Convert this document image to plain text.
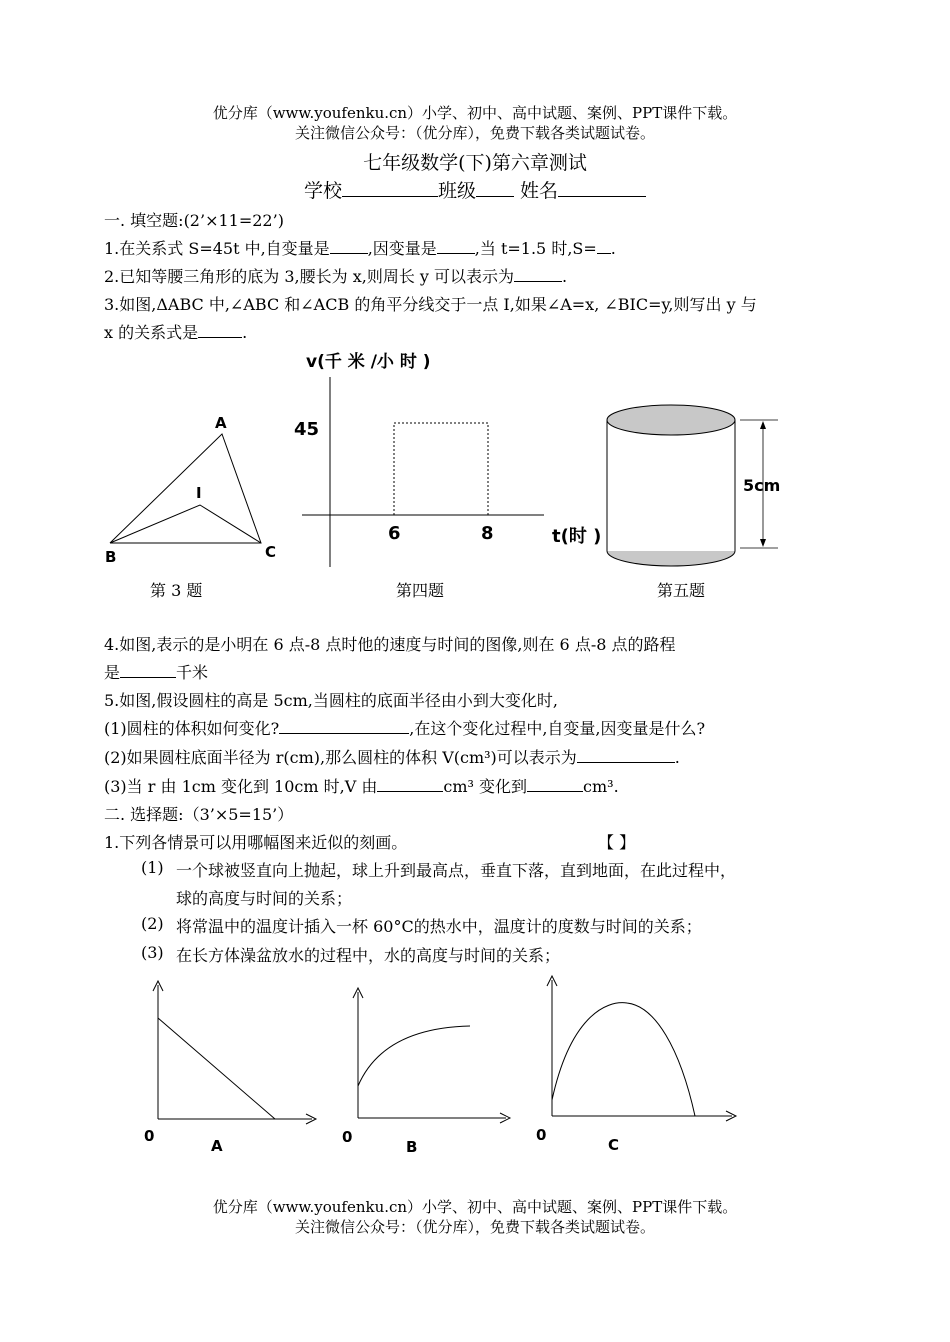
优分库（www.youfenku.cn）小学、初中、高中试题、案例、PPT课件下载。
关注微信公众号：（优分库），免费下载各类试题试卷。
七年级数学(下)第六章测试
学校	班级 姓名
一. 填空题:(2’×11=22’)
1.在关系式 S=45t 中,自变量是 ,因变量是 ,当 t=1.5 时,S= .
2.已知等腰三角形的底为 3,腰长为 x,则周长 y 可以表示为	.
3.如图,ΔABC 中,∠ABC 和∠ACB 的角平分线交于一点 I,如果∠A=x, ∠BIC=y,则写出 y 与
x 的关系式是	.
A
B	C
I
第 3 题
v(千 米 /小 时 )
45
6	8	t(时 )
第四题
5cm
第五题
4.如图,表示的是小明在 6 点-8 点时他的速度与时间的图像,则在 6 点-8 点的路程
是	千米
5.如图,假设圆柱的高是 5cm,当圆柱的底面半径由小到大变化时,
(1)圆柱的体积如何变化?	,在这个变化过程中,自变量,因变量是什么?
(2)如果圆柱底面半径为 r(cm),那么圆柱的体积 V(cm³)可以表示为	.
(3)当 r 由 1cm 变化到 10cm 时,V 由	cm³ 变化到	cm³.
二. 选择题:（3’×5=15’）
1.下列各情景可以用哪幅图来近似的刻画。	【 】
(1) 一个球被竖直向上抛起，球上升到最高点，垂直下落，直到地面，在此过程中，
球的高度与时间的关系；
(2) 将常温中的温度计插入一杯 60°C的热水中，温度计的度数与时间的关系；
(3) 在长方体澡盆放水的过程中，水的高度与时间的关系；
0
A	0
B
0
C
优分库（www.youfenku.cn）小学、初中、高中试题、案例、PPT课件下载。
关注微信公众号：（优分库），免费下载各类试题试卷。
